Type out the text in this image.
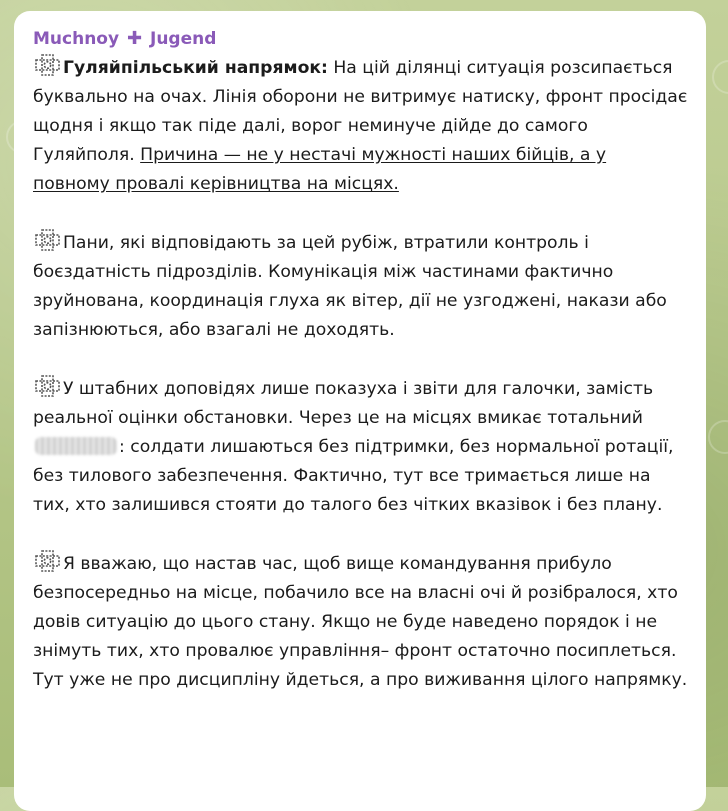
Muchnoy ✚ Jugend

Гуляйпільський напрямок: На цій ділянці ситуація розсипається буквально на очах. Лінія оборони не витримує натиску, фронт просідає щодня і якщо так піде далі, ворог неминуче дійде до самого Гуляйполя. Причина — не у нестачі мужності наших бійців, а у повному провалі керівництва на місцях.

Пани, які відповідають за цей рубіж, втратили контроль і боєздатність підрозділів. Комунікація між частинами фактично зруйнована, координація глуха як вітер, дії не узгоджені, накази або запізнюються, або взагалі не доходять.

У штабних доповідях лише показуха і звіти для галочки, замість реальної оцінки обстановки. Через це на місцях вмикає тотальний : солдати лишаються без підтримки, без нормальної ротації, без тилового забезпечення. Фактично, тут все тримається лише на тих, хто залишився стояти до талого без чітких вказівок і без плану.

Я вважаю, що настав час, щоб вище командування прибуло безпосередньо на місце, побачило все на власні очі й розібралося, хто довів ситуацію до цього стану. Якщо не буде наведено порядок і не знімуть тих, хто провалює управління– фронт остаточно посиплеться. Тут уже не про дисципліну йдеться, а про виживання цілого напрямку.
